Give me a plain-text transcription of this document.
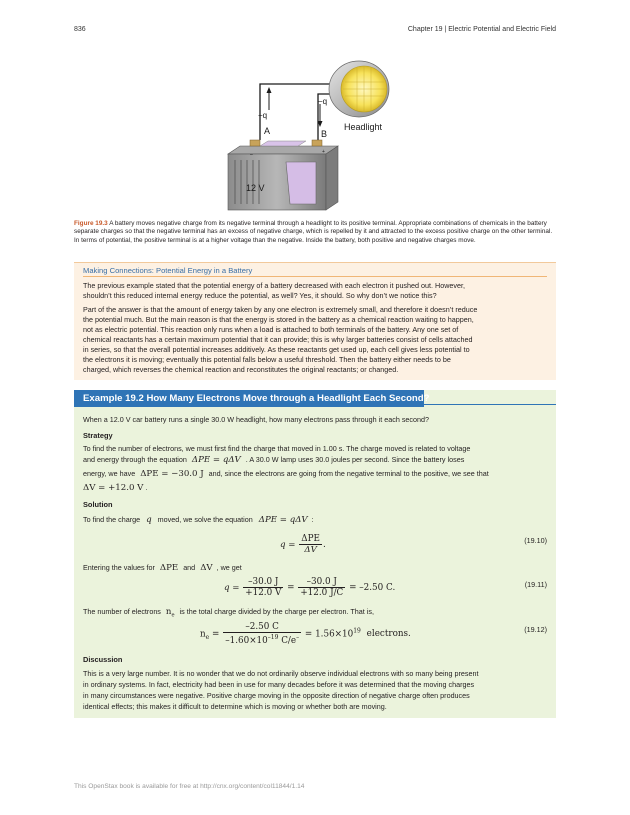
836	Chapter 19 | Electric Potential and Electric Field
−q
−q
Headlight
A	B
–	+
12 V
Figure 19.3 A battery moves negative charge from its negative terminal through a headlight to its positive terminal. Appropriate combinations of chemicals in the battery separate charges so that the negative terminal has an excess of negative charge, which is repelled by it and attracted to the excess positive charge on the other terminal. In terms of potential, the positive terminal is at a higher voltage than the negative. Inside the battery, both positive and negative charges move.
Making Connections: Potential Energy in a Battery
The previous example stated that the potential energy of a battery decreased with each electron it pushed out. However,
shouldn’t this reduced internal energy reduce the potential, as well? Yes, it should. So why don’t we notice this?
Part of the answer is that the amount of energy taken by any one electron is extremely small, and therefore it doesn’t reduce
the potential much. But the main reason is that the energy is stored in the battery as a chemical reaction waiting to happen,
not as electric potential. This reaction only runs when a load is attached to both terminals of the battery. Any one set of
chemical reactants has a certain maximum potential that it can provide; this is why larger batteries consist of cells attached
in series, so that the overall potential increases additively. As these reactants get used up, each cell gives less potential to
the electrons it is moving; eventually this potential falls below a useful threshold. Then the battery either needs to be
charged, which reverses the chemical reaction and reconstitutes the original reactants; or changed.
Example 19.2 How Many Electrons Move through a Headlight Each Second?
When a 12.0 V car battery runs a single 30.0 W headlight, how many electrons pass through it each second?
Strategy
To find the number of electrons, we must first find the charge that moved in 1.00 s. The charge moved is related to voltage
and energy through the equation ΔPE = qΔV . A 30.0 W lamp uses 30.0 joules per second. Since the battery loses
energy, we have ΔPE = −30.0 J and, since the electrons are going from the negative terminal to the positive, we see that
ΔV = +12.0 V .
Solution
To find the charge q moved, we solve the equation ΔPE = qΔV :
$q = \frac{\text{ΔPE}}{\Delta V}$ .	(19.10)
Entering the values for ΔPE and ΔV , we get
$q = \frac{-30.0 J}{+12.0 V} = \frac{-30.0 J}{+12.0 J/C} = -2.50$ C.	(19.11)
The number of electrons $n_e$ is the total charge divided by the charge per electron. That is,
$n_e = \frac{-2.50 C}{-1.60\times 10^{-19} C/e^-} = 1.56\times 10^{19}$ electrons.	(19.12)
Discussion
This is a very large number. It is no wonder that we do not ordinarily observe individual electrons with so many being present
in ordinary systems. In fact, electricity had been in use for many decades before it was determined that the moving charges
in many circumstances were negative. Positive charge moving in the opposite direction of negative charge often produces
identical effects; this makes it difficult to determine which is moving or whether both are moving.
This OpenStax book is available for free at http://cnx.org/content/col11844/1.14
